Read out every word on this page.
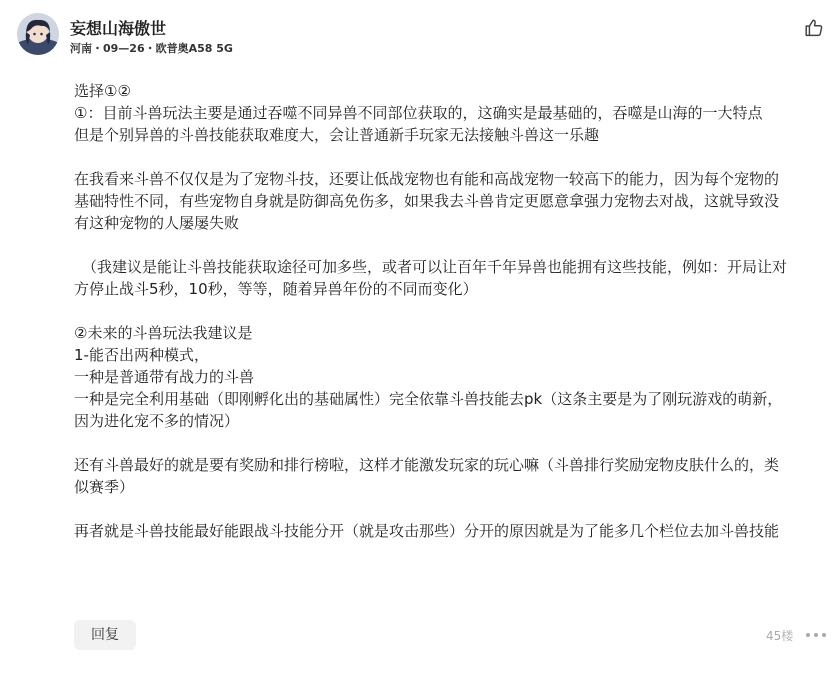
妄想山海傲世
河南・09—26・欧普奥A58 5G

选择①②

①：目前斗兽玩法主要是通过吞噬不同异兽不同部位获取的，这确实是最基础的，吞噬是山海的一大特点

但是个别异兽的斗兽技能获取难度大，会让普通新手玩家无法接触斗兽这一乐趣

在我看来斗兽不仅仅是为了宠物斗技，还要让低战宠物也有能和高战宠物一较高下的能力，因为每个宠物的

基础特性不同，有些宠物自身就是防御高免伤多，如果我去斗兽肯定更愿意拿强力宠物去对战，这就导致没

有这种宠物的人屡屡失败

（我建议是能让斗兽技能获取途径可加多些，或者可以让百年千年异兽也能拥有这些技能，例如：开局让对

方停止战斗5秒，10秒，等等，随着异兽年份的不同而变化）

②未来的斗兽玩法我建议是

1-能否出两种模式，

一种是普通带有战力的斗兽

一种是完全利用基础（即刚孵化出的基础属性）完全依靠斗兽技能去pk（这条主要是为了刚玩游戏的萌新，

因为进化宠不多的情况）

还有斗兽最好的就是要有奖励和排行榜啦，这样才能激发玩家的玩心嘛（斗兽排行奖励宠物皮肤什么的，类

似赛季）

再者就是斗兽技能最好能跟战斗技能分开（就是攻击那些）分开的原因就是为了能多几个栏位去加斗兽技能

回复	45楼
